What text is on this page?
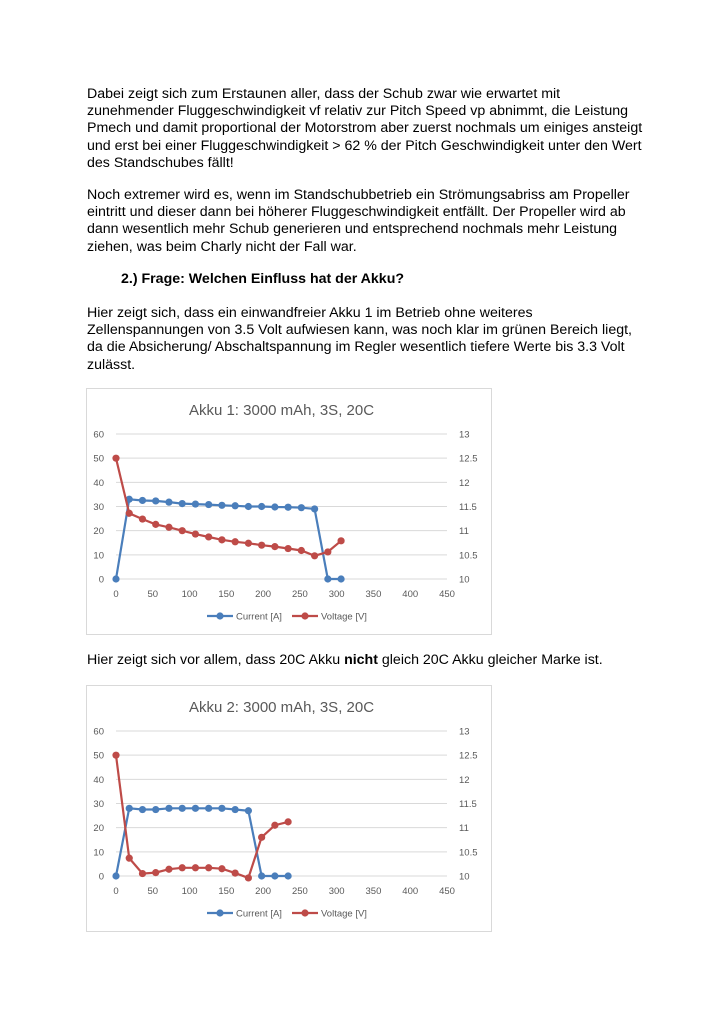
Dabei zeigt sich zum Erstaunen aller, dass der Schub zwar wie erwartet mit zunehmender Fluggeschwindigkeit vf relativ zur Pitch Speed vp abnimmt, die Leistung Pmech und damit proportional der Motorstrom aber zuerst nochmals um einiges ansteigt und erst bei einer Fluggeschwindigkeit > 62 % der Pitch Geschwindigkeit unter den Wert des Standschubes fällt!

Noch extremer wird es, wenn im Standschubbetrieb ein Strömungsabriss am Propeller eintritt und dieser dann bei höherer Fluggeschwindigkeit entfällt. Der Propeller wird ab dann wesentlich mehr Schub generieren und entsprechend nochmals mehr Leistung ziehen, was beim Charly nicht der Fall war.

2.) Frage: Welchen Einfluss hat der Akku?

Hier zeigt sich, dass ein einwandfreier Akku 1 im Betrieb ohne weiteres Zellenspannungen von 3.5 Volt aufwiesen kann, was noch klar im grünen Bereich liegt, da die Absicherung/ Abschaltspannung im Regler wesentlich tiefere Werte bis 3.3 Volt zulässt.

Akku 1: 3000 mAh, 3S, 20C
0
10
20
30
40
50
60
10
10.5
11
11.5
12
12.5
13
0	50 100 150 200 250 300 350 400 450
Current [A]	Voltage [V]

Hier zeigt sich vor allem, dass 20C Akku nicht gleich 20C Akku gleicher Marke ist.

Akku 2: 3000 mAh, 3S, 20C
0
10
20
30
40
50
60
10
10.5
11
11.5
12
12.5
13
0	50 100 150 200 250 300 350 400 450
Current [A]	Voltage [V]
